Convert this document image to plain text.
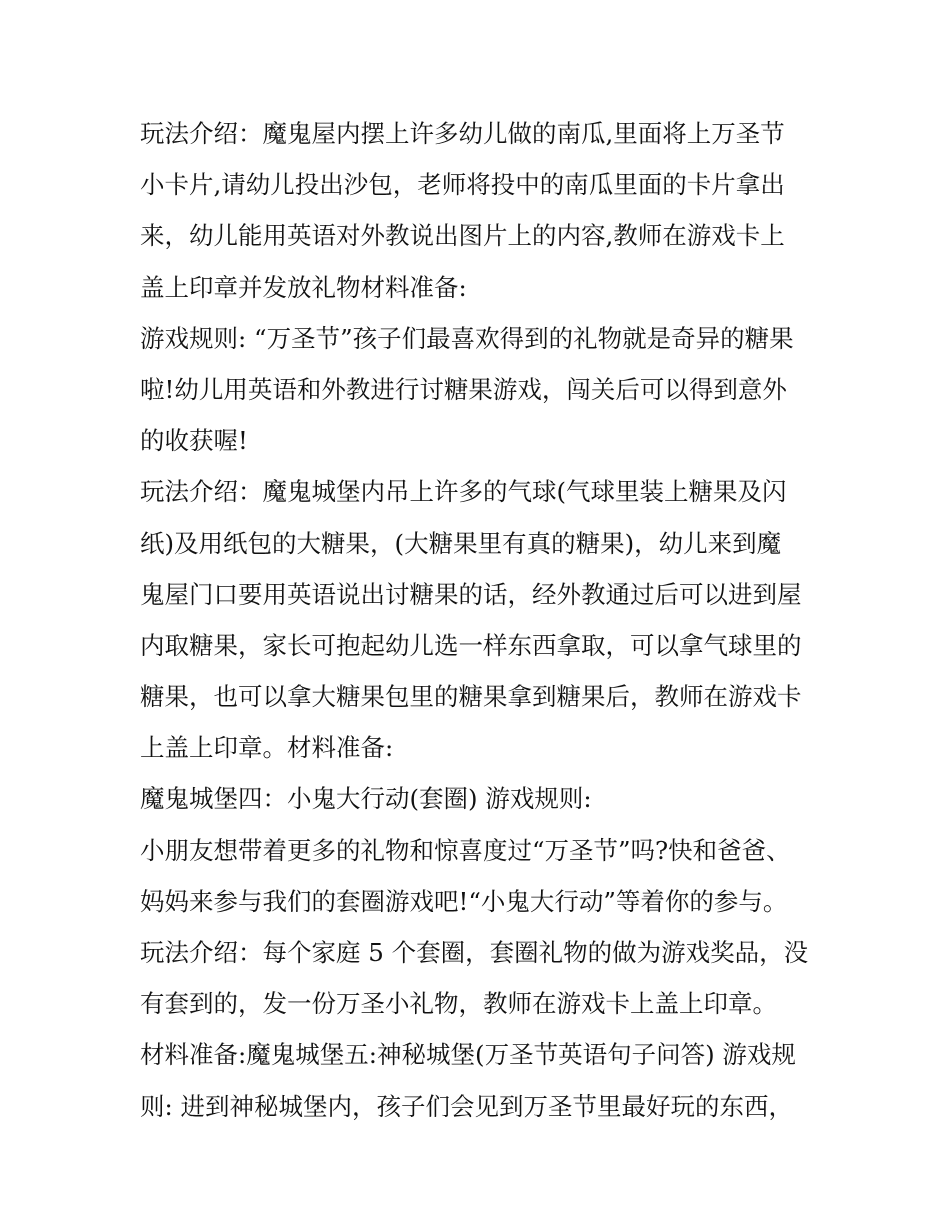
玩法介绍：魔鬼屋内摆上许多幼儿做的南瓜,里面将上万圣节
小卡片,请幼儿投出沙包，老师将投中的南瓜里面的卡片拿出
来，幼儿能用英语对外教说出图片上的内容,教师在游戏卡上
盖上印章并发放礼物材料准备:
游戏规则: “万圣节”孩子们最喜欢得到的礼物就是奇异的糖果
啦!幼儿用英语和外教进行讨糖果游戏，闯关后可以得到意外
的收获喔!
玩法介绍：魔鬼城堡内吊上许多的气球(气球里装上糖果及闪
纸)及用纸包的大糖果，(大糖果里有真的糖果)，幼儿来到魔
鬼屋门口要用英语说出讨糖果的话，经外教通过后可以进到屋
内取糖果，家长可抱起幼儿选一样东西拿取，可以拿气球里的
糖果，也可以拿大糖果包里的糖果拿到糖果后，教师在游戏卡
上盖上印章。材料准备:
魔鬼城堡四：小鬼大行动(套圈) 游戏规则:
小朋友想带着更多的礼物和惊喜度过“万圣节”吗?快和爸爸、
妈妈来参与我们的套圈游戏吧!“小鬼大行动”等着你的参与。
玩法介绍：每个家庭 5 个套圈，套圈礼物的做为游戏奖品，没
有套到的，发一份万圣小礼物，教师在游戏卡上盖上印章。
材料准备:魔鬼城堡五:神秘城堡(万圣节英语句子问答) 游戏规
则: 进到神秘城堡内，孩子们会见到万圣节里最好玩的东西，
